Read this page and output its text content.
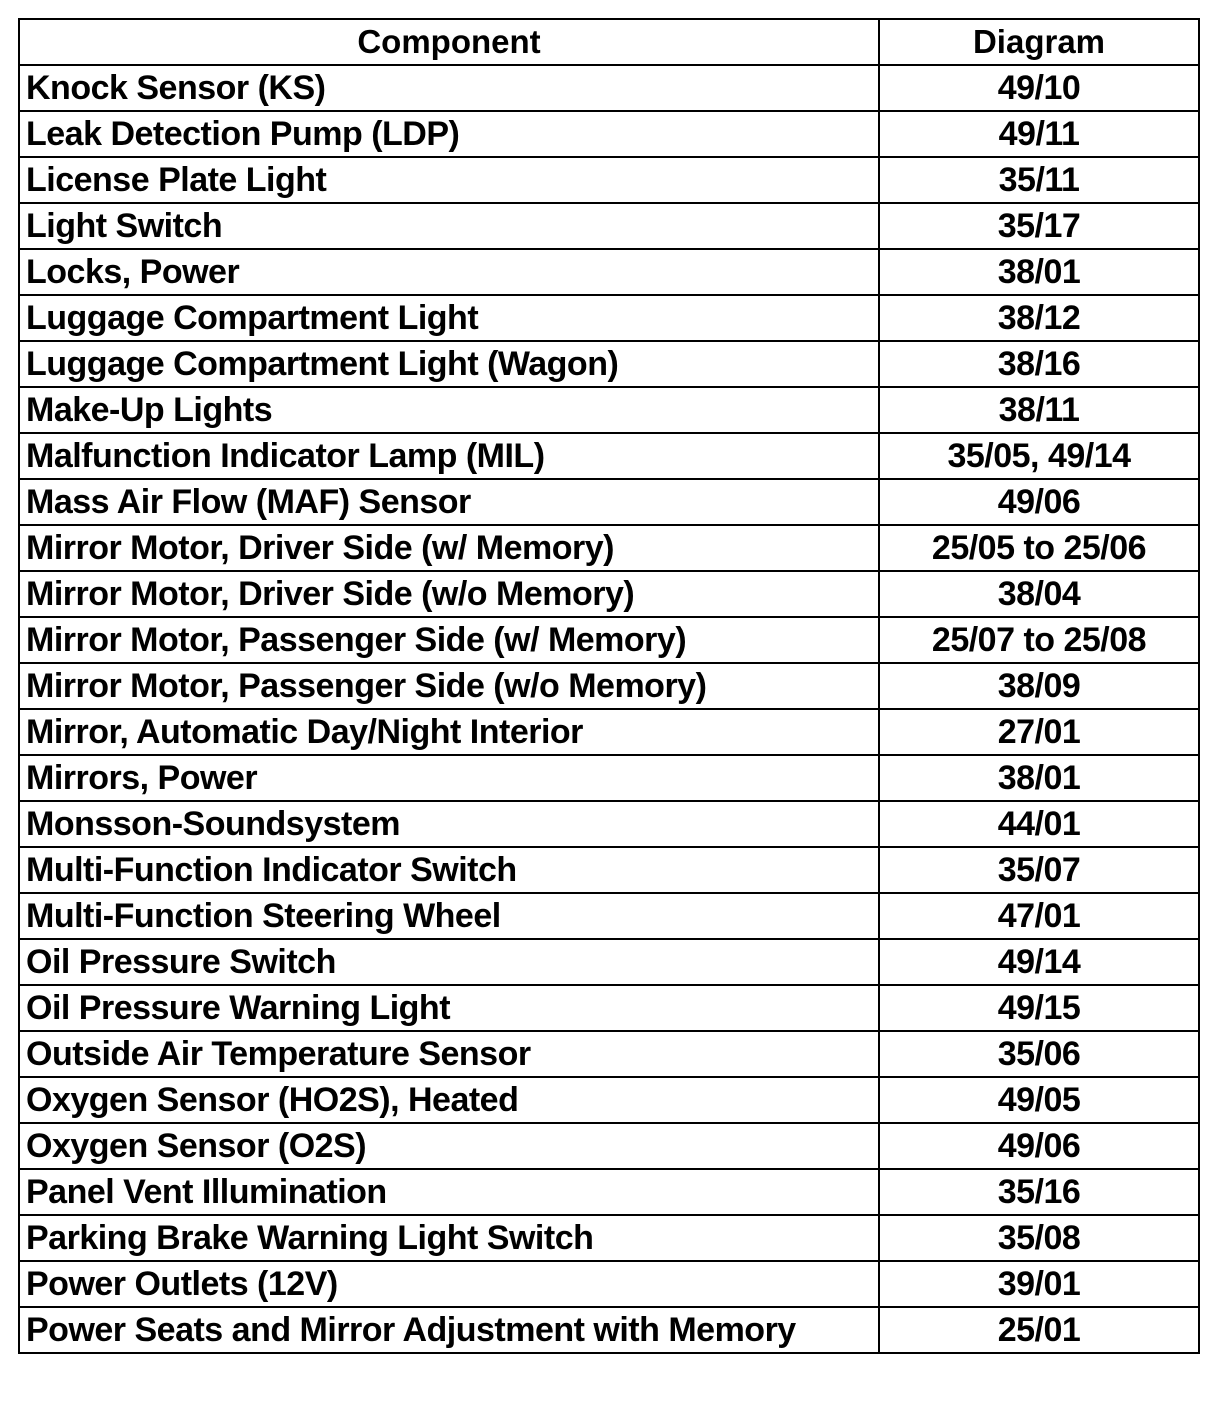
Component	Diagram
Knock Sensor (KS)	49/10
Leak Detection Pump (LDP)	49/11
License Plate Light	35/11
Light Switch	35/17
Locks, Power	38/01
Luggage Compartment Light	38/12
Luggage Compartment Light (Wagon)	38/16
Make-Up Lights	38/11
Malfunction Indicator Lamp (MIL)	35/05, 49/14
Mass Air Flow (MAF) Sensor	49/06
Mirror Motor, Driver Side (w/ Memory)	25/05 to 25/06
Mirror Motor, Driver Side (w/o Memory)	38/04
Mirror Motor, Passenger Side (w/ Memory)	25/07 to 25/08
Mirror Motor, Passenger Side (w/o Memory)	38/09
Mirror, Automatic Day/Night Interior	27/01
Mirrors, Power	38/01
Monsson-Soundsystem	44/01
Multi-Function Indicator Switch	35/07
Multi-Function Steering Wheel	47/01
Oil Pressure Switch	49/14
Oil Pressure Warning Light	49/15
Outside Air Temperature Sensor	35/06
Oxygen Sensor (HO2S), Heated	49/05
Oxygen Sensor (O2S)	49/06
Panel Vent Illumination	35/16
Parking Brake Warning Light Switch	35/08
Power Outlets (12V)	39/01
Power Seats and Mirror Adjustment with Memory	25/01
